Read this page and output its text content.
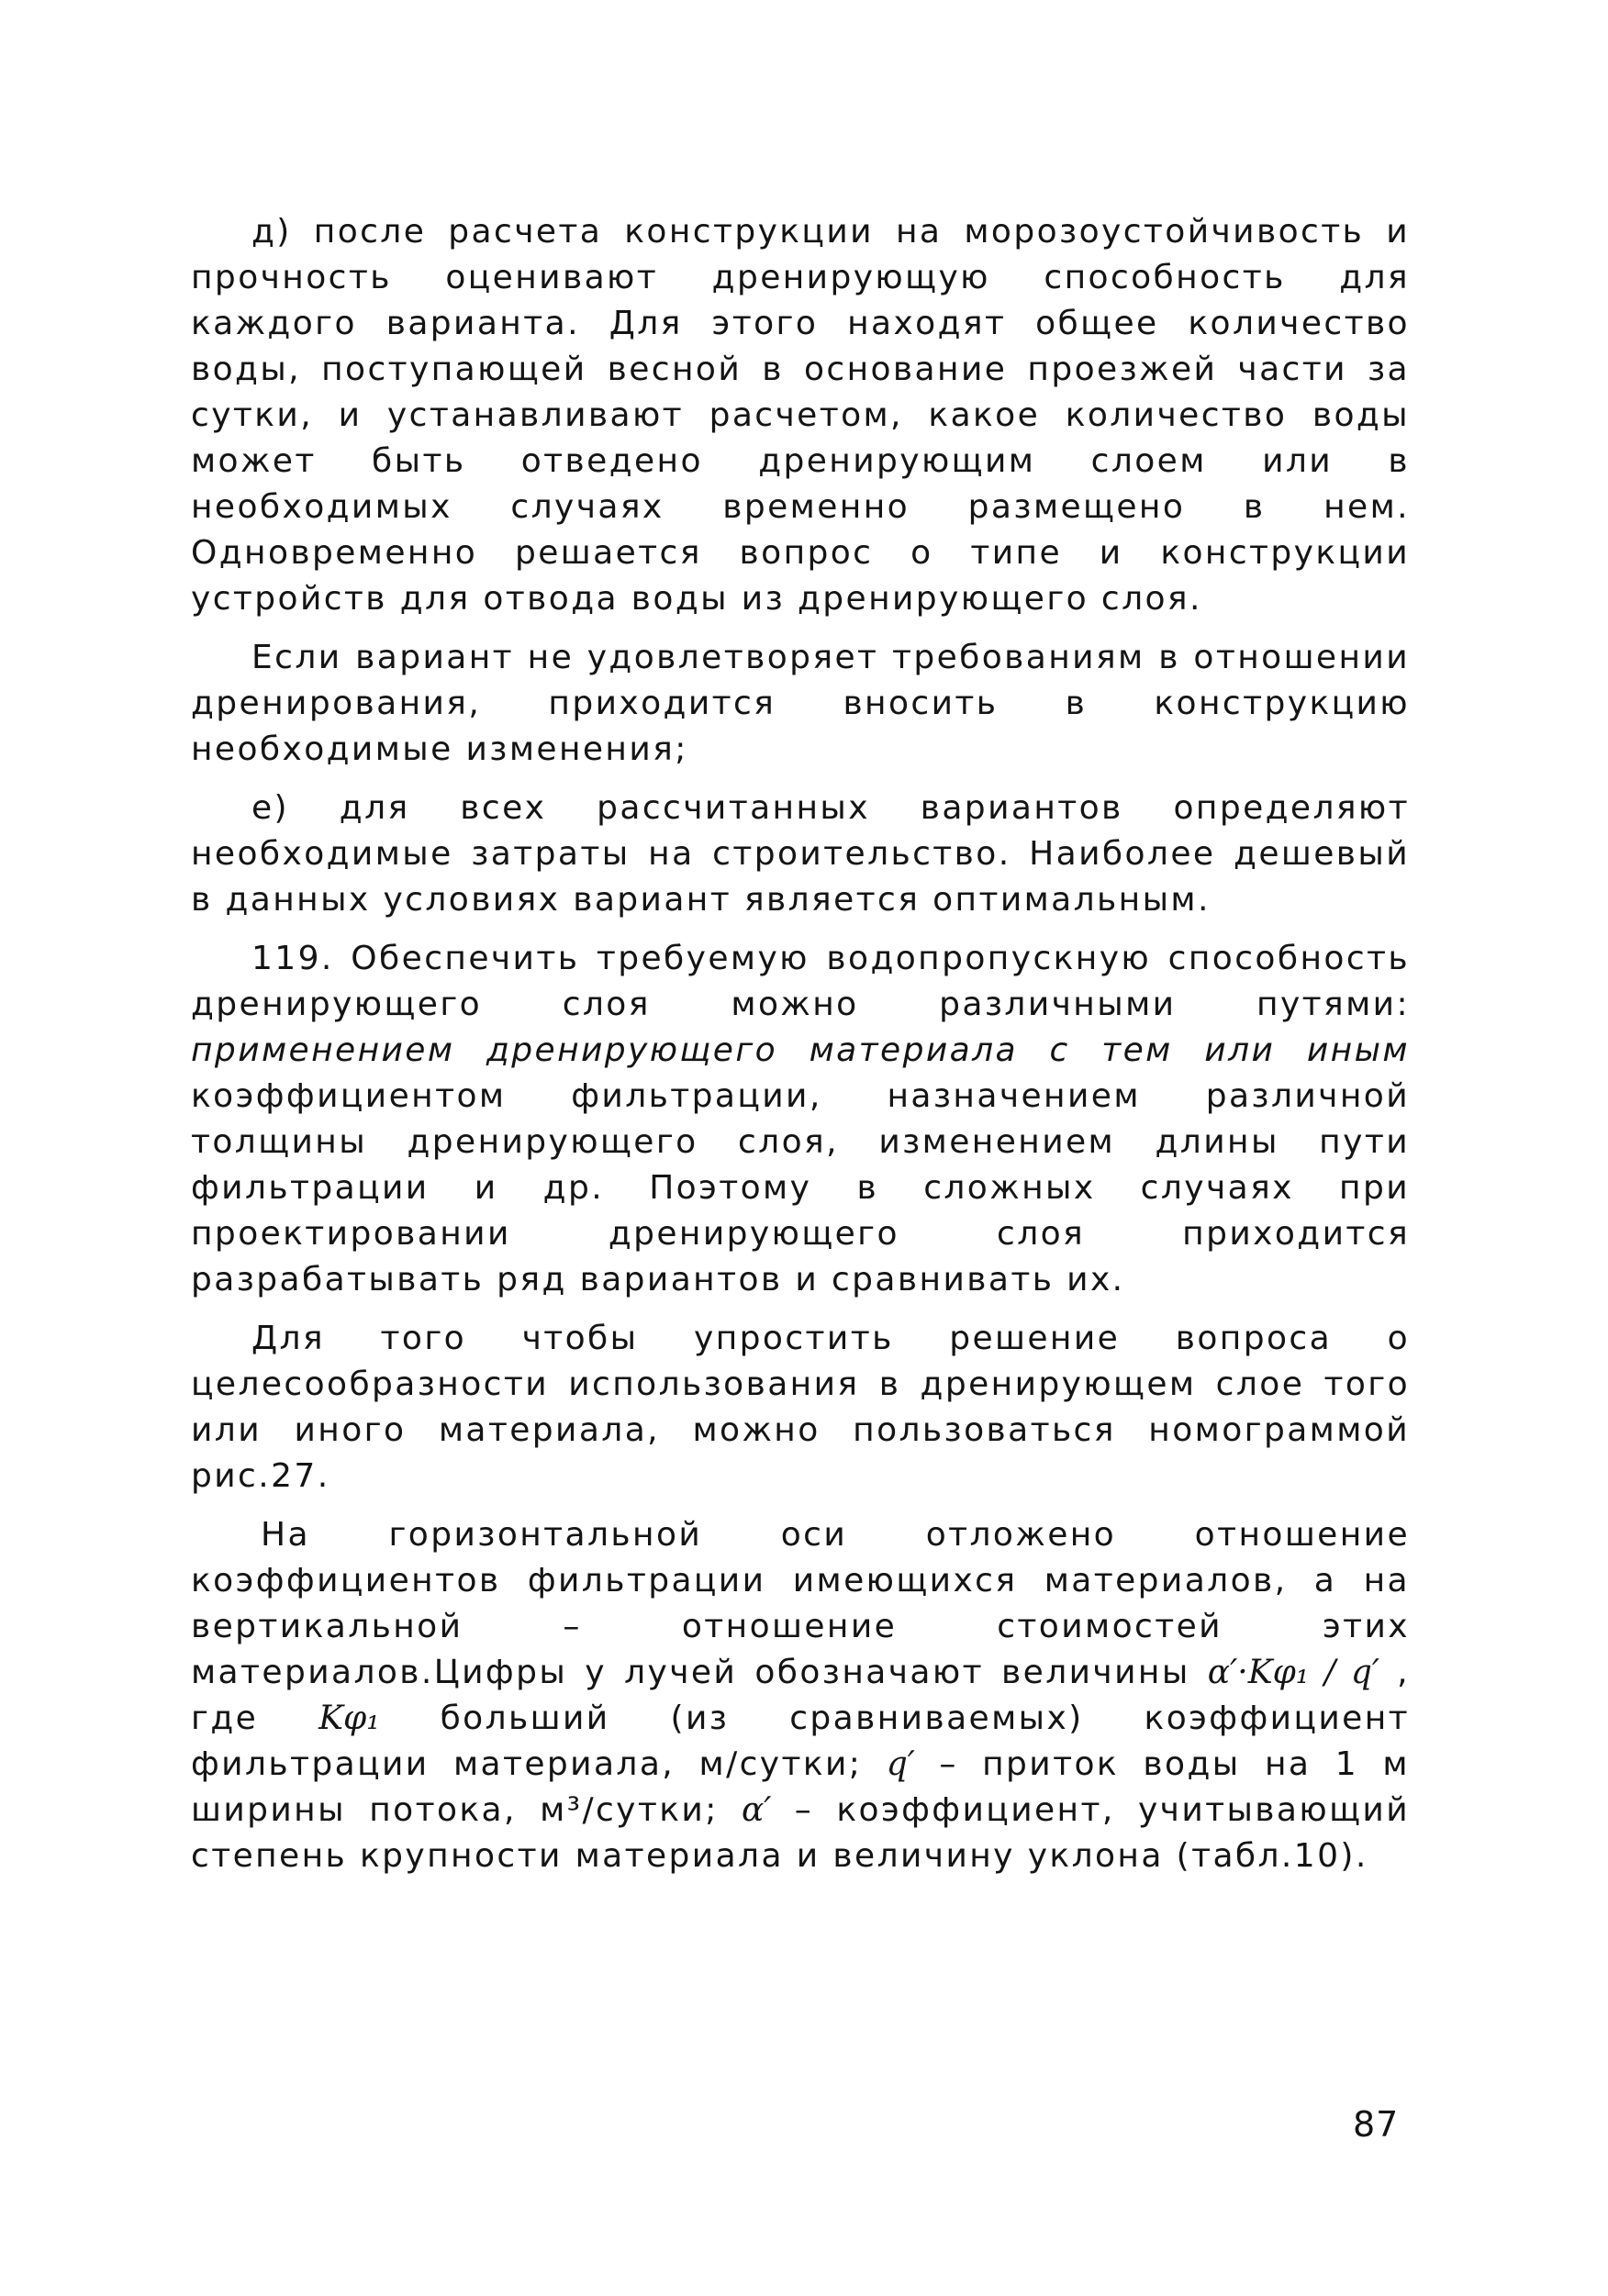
д) после расчета конструкции на морозоустойчивость и прочность оценивают дренирующую способность для каждого варианта. Для этого находят общее количество воды, поступающей весной в основание проезжей части за сутки, и устанавливают расчетом, какое количество воды может быть отведено дренирующим слоем или в необходимых случаях временно размещено в нем. Одновременно решается вопрос о типе и конструкции устройств для отвода воды из дренирующего слоя.

Если вариант не удовлетворяет требованиям в отношении дренирования, приходится вносить в конструкцию необходимые изменения;

е) для всех рассчитанных вариантов определяют необходимые затраты на строительство. Наиболее дешевый в данных условиях вариант является оптимальным.

119. Обеспечить требуемую водопропускную способность дренирующего слоя можно различными путями: применением дренирующего материала с тем или иным коэффициентом фильтрации, назначением различной толщины дренирующего слоя, изменением длины пути фильтрации и др. Поэтому в сложных случаях при проектировании дренирующего слоя приходится разрабатывать ряд вариантов и сравнивать их.

Для того чтобы упростить решение вопроса о целесообразности использования в дренирующем слое того или иного материала, можно пользоваться номограммой рис.27.

На горизонтальной оси отложено отношение коэффициентов фильтрации имеющихся материалов, а на вертикальной – отношение стоимостей этих материалов.Цифры у лучей обозначают величины α′·Kφ₁ / q′ , где Kφ₁ больший (из сравниваемых) коэффициент фильтрации материала, м/сутки; q′ – приток воды на 1 м ширины потока, м³/сутки; α′ – коэффициент, учитывающий степень крупности материала и величину уклона (табл.10).

87
